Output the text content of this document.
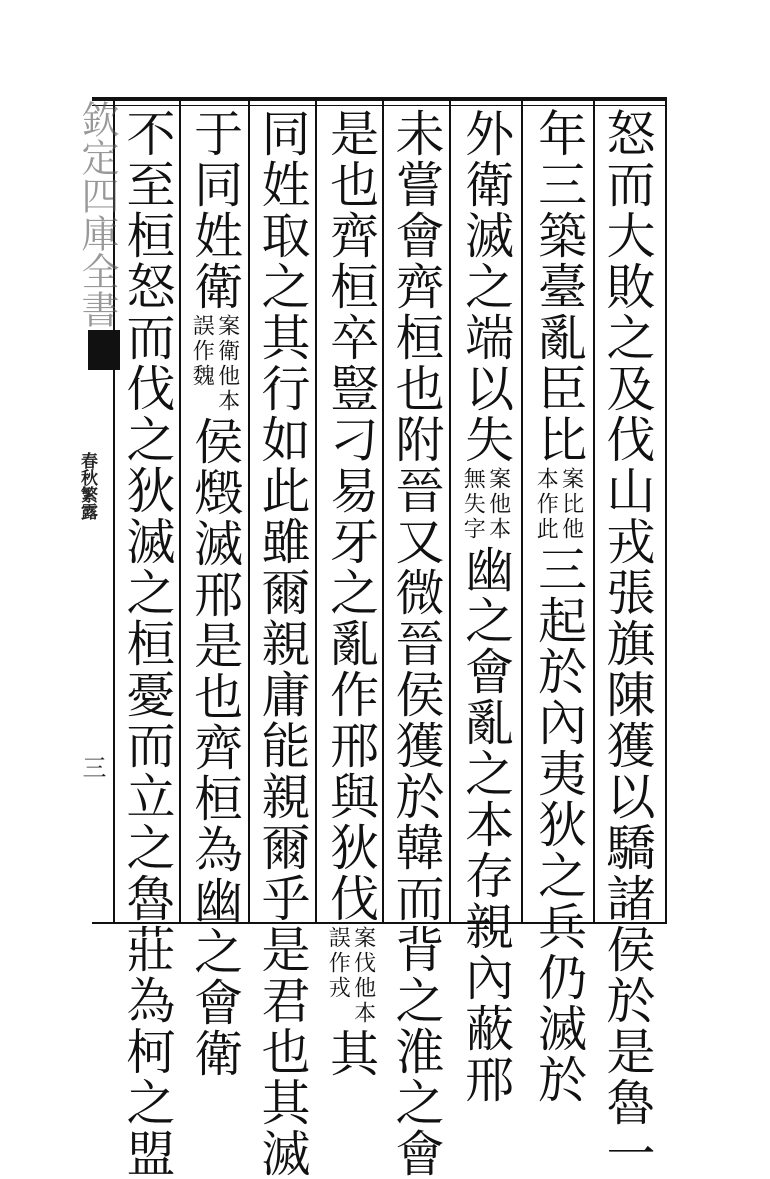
欽定四庫全書
春秋繁露
三	怒而大敗之及伐山戎張旗陳獲以驕諸侯於是魯一
年三築臺亂臣比
案比他
本作此
三起於內夷狄之兵仍滅於
外衛滅之端以失
案他本
無失字
幽之會亂之本存親內蔽邢
未嘗會齊桓也附晉又微晉侯獲於韓而背之淮之會
是也齊桓卒豎刁易牙之亂作邢與狄伐
案伐他本
誤作戎
其
同姓取之其行如此雖爾親庸能親爾乎是君也其滅
于同姓衛
案衛他本
誤作魏
侯燬滅邢是也齊桓為幽之會衛
不至桓怒而伐之狄滅之桓憂而立之魯莊為柯之盟
